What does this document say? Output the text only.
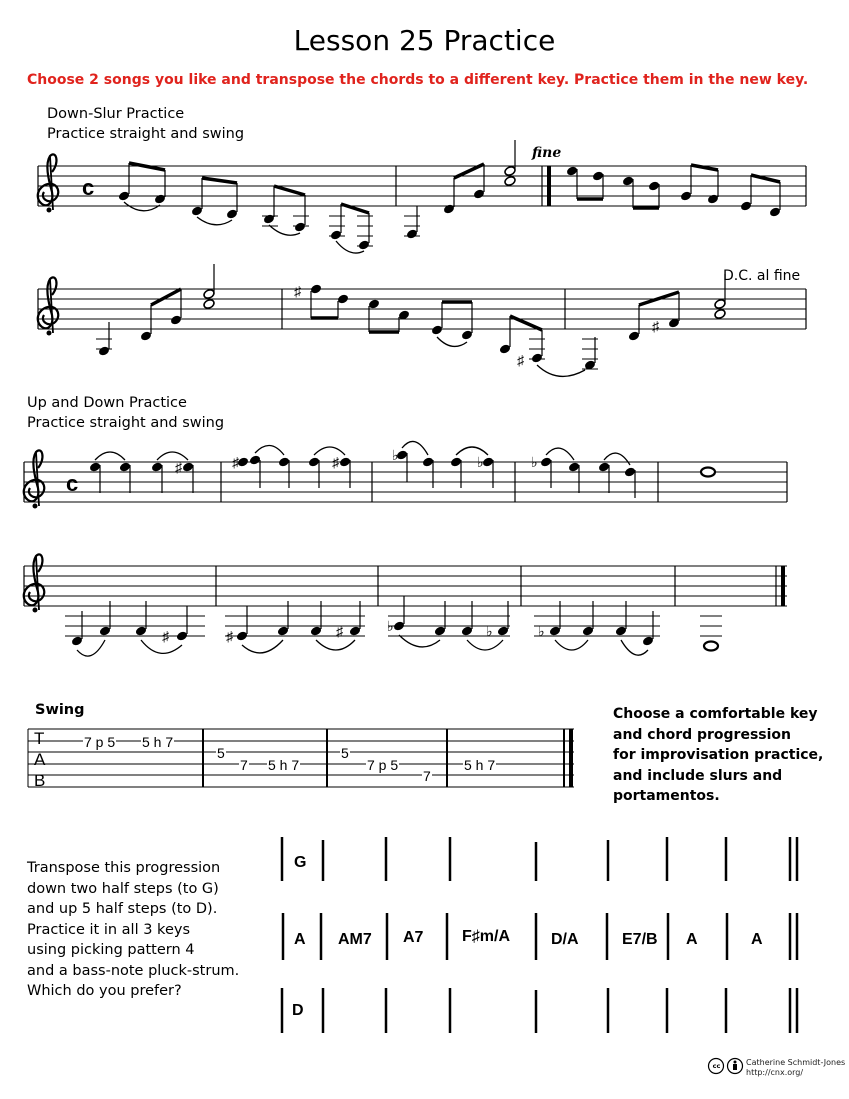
Lesson 25 Practice
Choose 2 songs you like and transpose the chords to a different key. Practice them in the new key.
Down-Slur Practice
Practice straight and swing
fine
D.C. al fine
Up and Down Practice
Practice straight and swing
c
♯
♯
♯
c
♯	♯	♯	♭	♭	♭
♯	♯	♯	♭	♭	♭
cc
Swing
T
A
B
7 p 5 5 h 7
5
7 5 h 7
5
7 p 5
7
5 h 7
Choose a comfortable key
and chord progression
for improvisation practice,
and include slurs and
portamentos.
Transpose this progression
down two half steps (to G)
and up 5 half steps (to D).
Practice it in all 3 keys
using picking pattern 4
and a bass-note pluck-strum.
Which do you prefer?
G
A AM7 A7 F♯m/A	D/A	E7/B A	A
D
Catherine Schmidt-Jones
http://cnx.org/
